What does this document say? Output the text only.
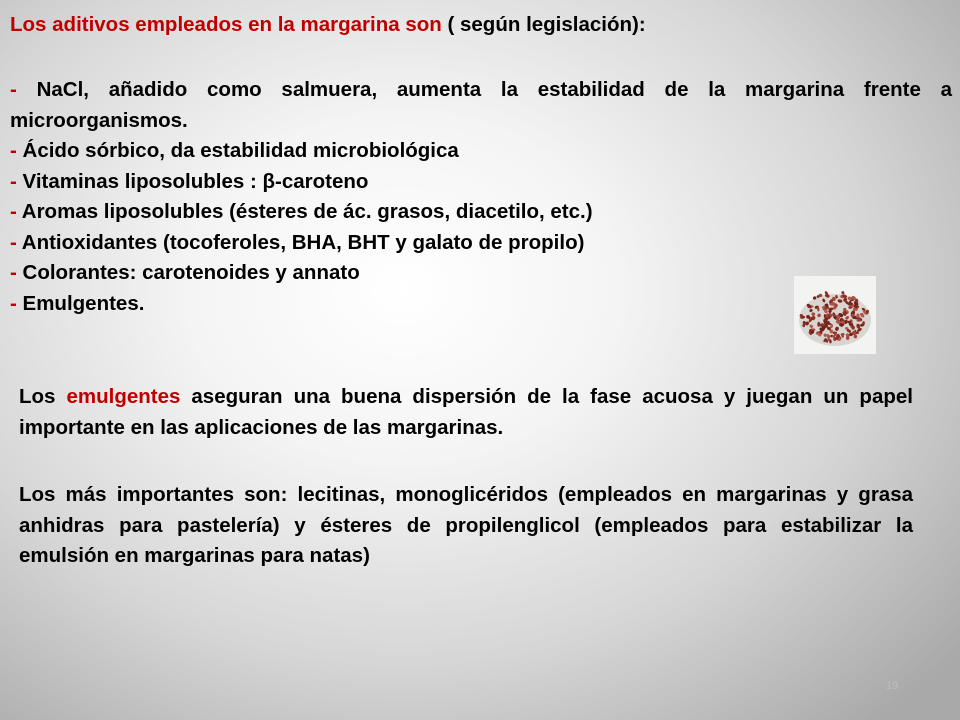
Los aditivos empleados en la margarina son ( según legislación):
- NaCl, añadido como salmuera, aumenta la estabilidad de la margarina frente a microorganismos.
- Ácido sórbico, da estabilidad microbiológica
- Vitaminas liposolubles : β-caroteno
- Aromas liposolubles (ésteres de ác. grasos, diacetilo, etc.)
- Antioxidantes (tocoferoles, BHA, BHT y galato de propilo)
- Colorantes: carotenoides y annato
- Emulgentes.
Los emulgentes aseguran una buena dispersión de la fase acuosa y juegan un papel importante en las aplicaciones de las margarinas.
Los más importantes son: lecitinas, monoglicéridos (empleados en margarinas y grasa anhidras para pastelería) y ésteres de propilenglicol (empleados para estabilizar la emulsión en margarinas para natas)
19
